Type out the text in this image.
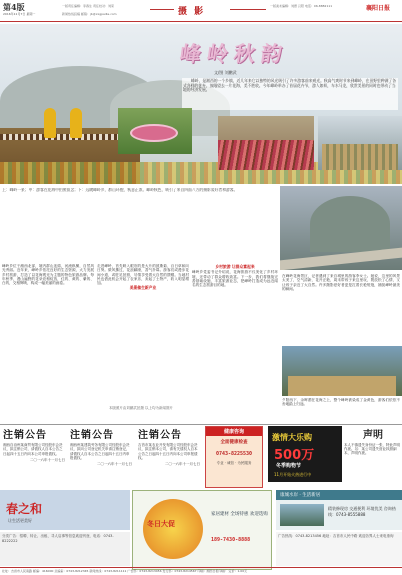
第4版
2016年11月7日 星期一
一版责任编辑：李春生 责任校对：刘荣
新闻热线投稿 邮箱：jb@xxgpaille.com	摄 影
一版美术编辑：刘德 汉阳 电话：06-8882111	襄阳日报
峰岭秋韵
文/图 刘鹏武

峰岭，是湘西的一个乡镇，近几年来它以独特的风光吸引了许多游客前来观光。秋高气爽时节来到峰岭，在田野里种满了各式各样的花卉，放眼望去一片花海，美不胜收。今年峰岭举办了首届花卉节，游人如织，车水马龙，欣赏美景的同时也带动了当地的经济发展。

上：峰岭一景；中：游客在花海中拍照留念；下：远眺峰岭乡，群山环抱，秋意正浓。峰岭秋色，吸引了来自四面八方的摄影爱好者和游客。

峰岭乡位于湘西北部，境内群山连绵，河流纵横，自然风光秀丽。近年来，峰岭乡依托良好的生态资源，大力发展乡村旅游，打造了以花海观光为主题的特色旅游品牌。每年秋季，漫山遍野的花朵竞相绽放，红的、黄的、紫的、白的，交相辉映，构成一幅美丽的画卷。

走进峰岭，首先映入眼帘的是大片的波斯菊、百日草和向日葵。微风拂过，花浪翻滚，香气扑鼻。游客们或漫步花间小道，或驻足拍照，尽情享受着大自然的馈赠。当地村民也借此机会开起了农家乐，卖起了土特产，收入明显增加。

美景催生新产业
乡村旅游 让群众富起来

峰岭乡党委书记介绍说，花海旅游不仅美化了乡村环境，还带动了群众增收致富。下一步，我们将继续完善基础设施，丰富旅游业态，把峰岭打造成为远近闻名的生态旅游目的地。

在峰岭花海景区，记者遇到了来自城里的游客李女士。她说，这里的风景太美了，空气清新，花开正艳，周末带孩子来这里玩，既放松了心情，又让孩子亲近了大自然。许多摄影爱好者更是扛着长枪短炮，捕捉峰岭最美的瞬间。

夕阳西下，余晖洒在花海之上，整个峰岭被染成了金黄色，游客们依依不舍地踏上归途。

本版照片由刘鹏武拍摄 以上均为新闻图片
注销公告

湘西自治州某商贸有限公司经股东会决议，拟注销公司，请债权人自本公告之日起四十五日内向本公司申报债权。

二〇一六年十一月七日

注销公告

湘西州某建筑劳务有限公司经股东会决议，拟向公司登记机关申请注销登记，请债权人自本公告之日起四十五日内申报债权。

二〇一六年十一月七日

注销公告

吉首市某农业开发有限公司经股东会决议，拟注销本公司，请有关债权人自本公告之日起四十五日内向本公司申报债权。

二〇一六年十一月七日

健康咨询
全面健康检查
0743-8225530
专业 · 诚信 · 为民服务
激情大乐购
500万
冬季购物节
11月开始火热进行中
声明

本人不慎遗失身份证一张，特此声明作废。另：某公司遗失营业执照副本，声明作废。

春之和
让生活更美好	冬日大促
家居建材 全场特惠 欢迎选购
189-7430-8888
康城水岸 · 生活新居
精装修现房 交通便利 环境优美 咨询热线：0743-8555888
分类广告：招聘、转让、出租、寻人启事等信息欢迎刊登，电话：0743-8222222
广告热线：0743-8213456 地址：吉首市人民中路 欢迎各界人士来电垂询
社址：吉首市人民南路 邮编：416000 总编室：0743-8212345 新闻热线：0743-8211111 广告部：0743-8213456 发行部：0743-8214567 印刷：湘西日报印刷厂 定价：1.00元
